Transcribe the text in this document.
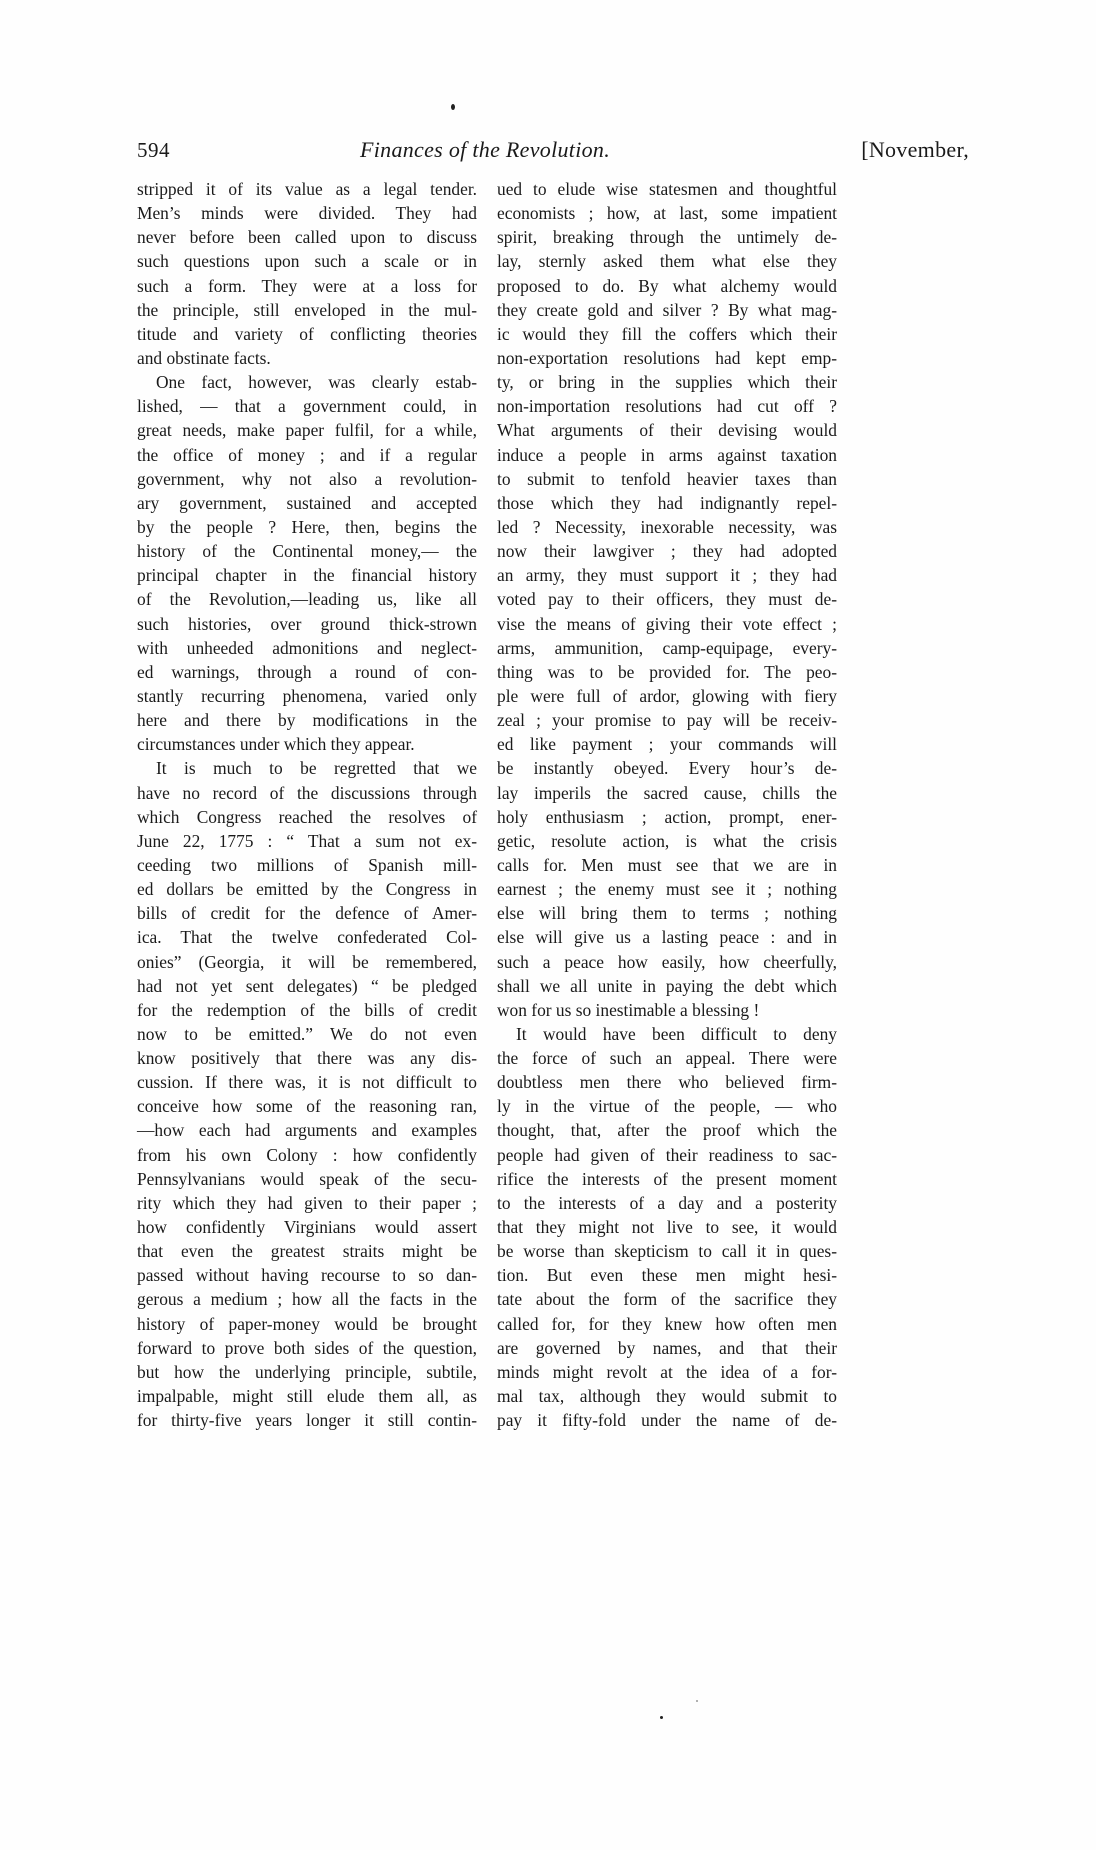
594	Finances of the Revolution.	[November,
stripped it of its value as a legal tender.
Men’s minds were divided. They had
never before been called upon to discuss
such questions upon such a scale or in
such a form. They were at a loss for
the principle, still enveloped in the mul-
titude and variety of conflicting theories
and obstinate facts.
One fact, however, was clearly estab-
lished, — that a government could, in
great needs, make paper fulfil, for a while,
the office of money ; and if a regular
government, why not also a revolution-
ary government, sustained and accepted
by the people ? Here, then, begins the
history of the Continental money,— the
principal chapter in the financial history
of the Revolution,—leading us, like all
such histories, over ground thick-strown
with unheeded admonitions and neglect-
ed warnings, through a round of con-
stantly recurring phenomena, varied only
here and there by modifications in the
circumstances under which they appear.
It is much to be regretted that we
have no record of the discussions through
which Congress reached the resolves of
June 22, 1775 : “ That a sum not ex-
ceeding two millions of Spanish mill-
ed dollars be emitted by the Congress in
bills of credit for the defence of Amer-
ica. That the twelve confederated Col-
onies” (Georgia, it will be remembered,
had not yet sent delegates) “ be pledged
for the redemption of the bills of credit
now to be emitted.” We do not even
know positively that there was any dis-
cussion. If there was, it is not difficult to
conceive how some of the reasoning ran,
—how each had arguments and examples
from his own Colony : how confidently
Pennsylvanians would speak of the secu-
rity which they had given to their paper ;
how confidently Virginians would assert
that even the greatest straits might be
passed without having recourse to so dan-
gerous a medium ; how all the facts in the
history of paper-money would be brought
forward to prove both sides of the question,
but how the underlying principle, subtile,
impalpable, might still elude them all, as
for thirty-five years longer it still contin-
ued to elude wise statesmen and thoughtful
economists ; how, at last, some impatient
spirit, breaking through the untimely de-
lay, sternly asked them what else they
proposed to do. By what alchemy would
they create gold and silver ? By what mag-
ic would they fill the coffers which their
non-exportation resolutions had kept emp-
ty, or bring in the supplies which their
non-importation resolutions had cut off ?
What arguments of their devising would
induce a people in arms against taxation
to submit to tenfold heavier taxes than
those which they had indignantly repel-
led ? Necessity, inexorable necessity, was
now their lawgiver ; they had adopted
an army, they must support it ; they had
voted pay to their officers, they must de-
vise the means of giving their vote effect ;
arms, ammunition, camp-equipage, every-
thing was to be provided for. The peo-
ple were full of ardor, glowing with fiery
zeal ; your promise to pay will be receiv-
ed like payment ; your commands will
be instantly obeyed. Every hour’s de-
lay imperils the sacred cause, chills the
holy enthusiasm ; action, prompt, ener-
getic, resolute action, is what the crisis
calls for. Men must see that we are in
earnest ; the enemy must see it ; nothing
else will bring them to terms ; nothing
else will give us a lasting peace : and in
such a peace how easily, how cheerfully,
shall we all unite in paying the debt which
won for us so inestimable a blessing !
It would have been difficult to deny
the force of such an appeal. There were
doubtless men there who believed firm-
ly in the virtue of the people, — who
thought, that, after the proof which the
people had given of their readiness to sac-
rifice the interests of the present moment
to the interests of a day and a posterity
that they might not live to see, it would
be worse than skepticism to call it in ques-
tion. But even these men might hesi-
tate about the form of the sacrifice they
called for, for they knew how often men
are governed by names, and that their
minds might revolt at the idea of a for-
mal tax, although they would submit to
pay it fifty-fold under the name of de-
